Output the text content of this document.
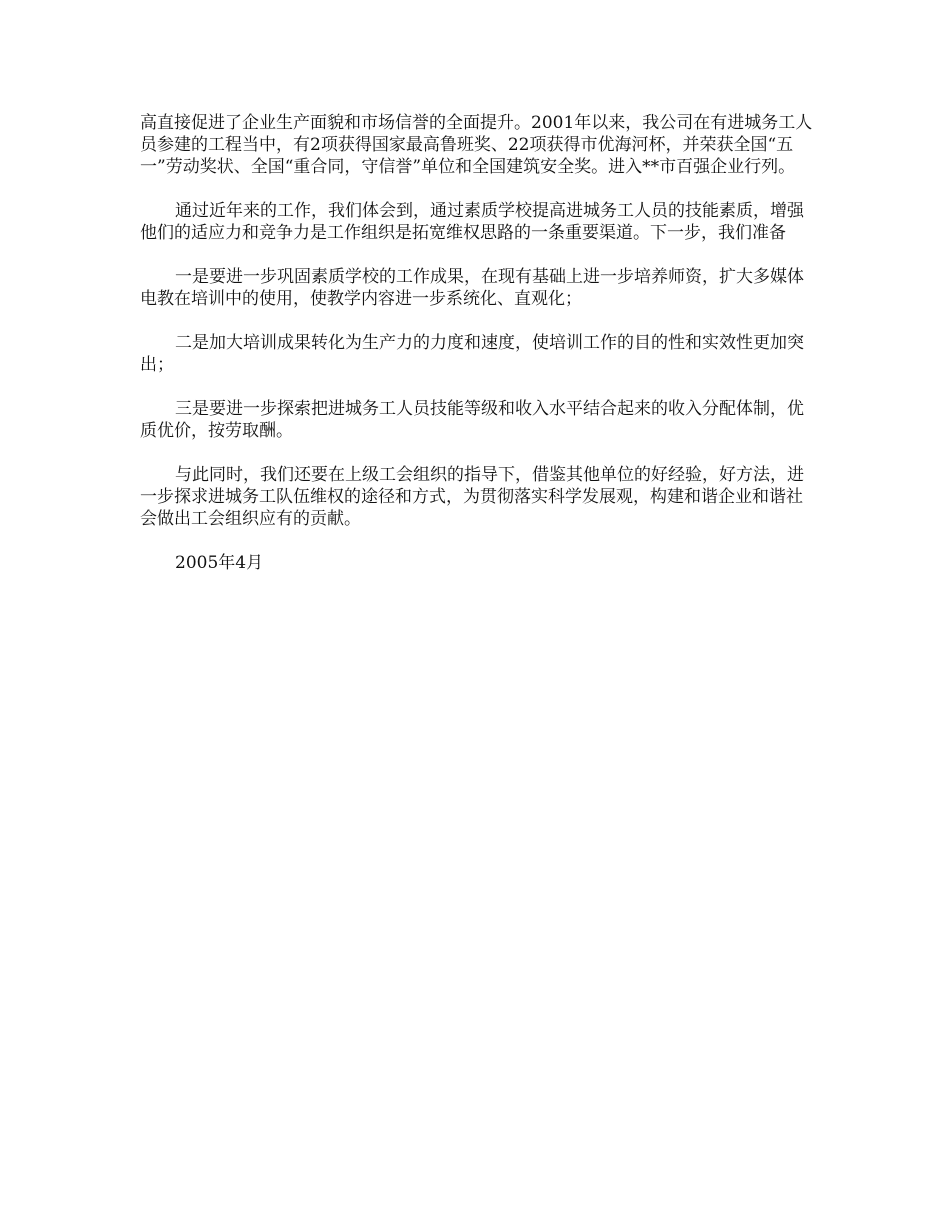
高直接促进了企业生产面貌和市场信誉的全面提升。2001年以来，我公司在有进城务工人员参建的工程当中，有2项获得国家最高鲁班奖、22项获得市优海河杯，并荣获全国“五一”劳动奖状、全国“重合同，守信誉”单位和全国建筑安全奖。进入**市百强企业行列。

通过近年来的工作，我们体会到，通过素质学校提高进城务工人员的技能素质，增强他们的适应力和竞争力是工作组织是拓宽维权思路的一条重要渠道。下一步，我们准备

一是要进一步巩固素质学校的工作成果，在现有基础上进一步培养师资，扩大多媒体电教在培训中的使用，使教学内容进一步系统化、直观化；

二是加大培训成果转化为生产力的力度和速度，使培训工作的目的性和实效性更加突出；

三是要进一步探索把进城务工人员技能等级和收入水平结合起来的收入分配体制，优质优价，按劳取酬。

与此同时，我们还要在上级工会组织的指导下，借鉴其他单位的好经验，好方法，进一步探求进城务工队伍维权的途径和方式，为贯彻落实科学发展观，构建和谐企业和谐社会做出工会组织应有的贡献。

2005年4月
